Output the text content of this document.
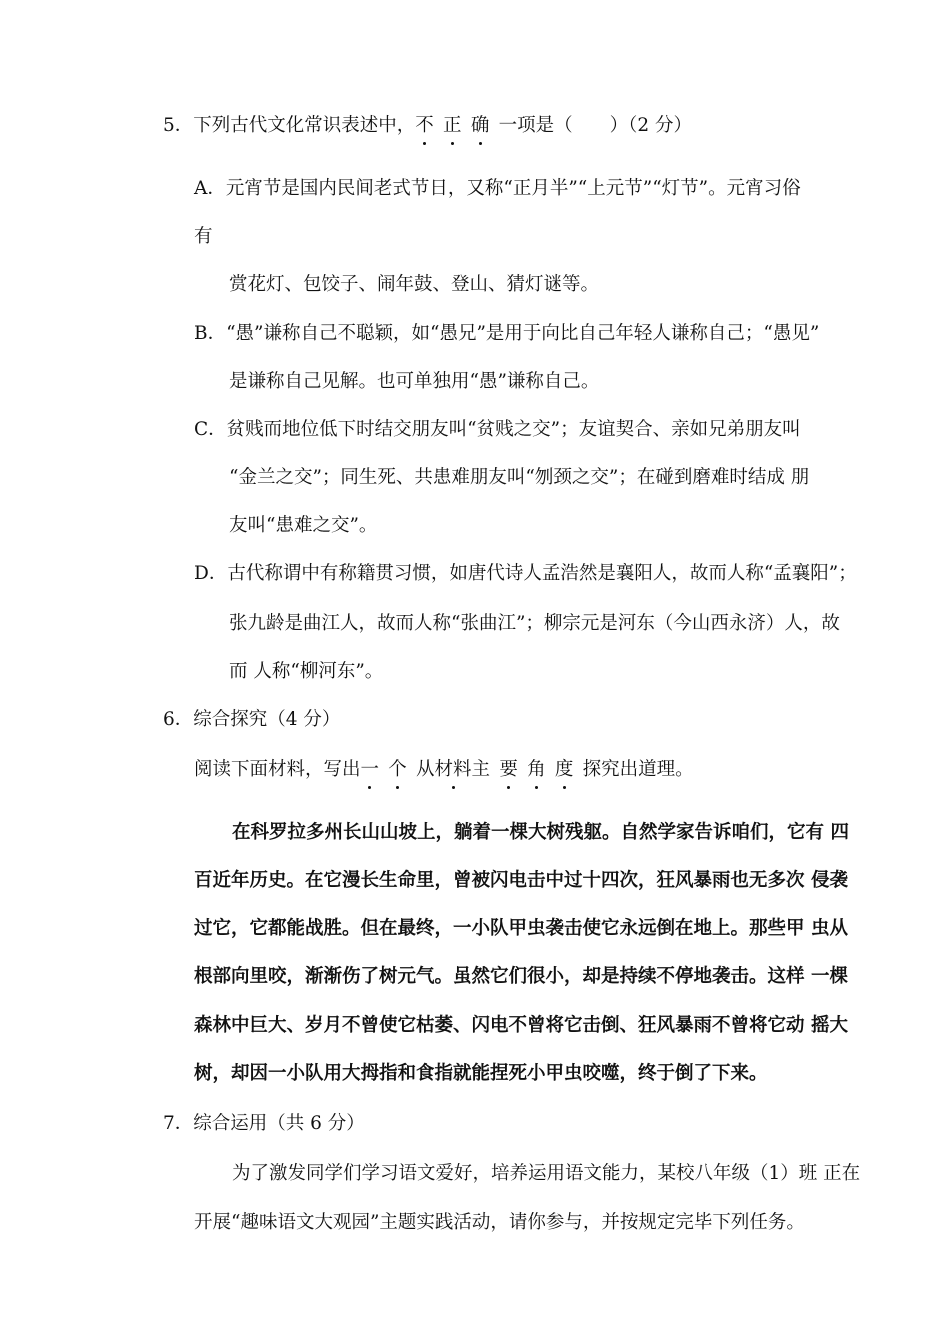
5．下列古代文化常识表述中，不  正  确  一项是（　　）（2 分）
A．元宵节是国内民间老式节日，又称“正月半”“上元节”“灯节”。元宵习俗
有
赏花灯、包饺子、闹年鼓、登山、猜灯谜等。
B．“愚”谦称自己不聪颖，如“愚兄”是用于向比自己年轻人谦称自己；“愚见”
是谦称自己见解。也可单独用“愚”谦称自己。
C．贫贱而地位低下时结交朋友叫“贫贱之交”；友谊契合、亲如兄弟朋友叫
“金兰之交”；同生死、共患难朋友叫“刎颈之交”；在碰到磨难时结成 朋
友叫“患难之交”。
D．古代称谓中有称籍贯习惯，如唐代诗人孟浩然是襄阳人，故而人称“孟襄阳”；
张九龄是曲江人，故而人称“张曲江”；柳宗元是河东（今山西永济）人，故
而 人称“柳河东”。
6．综合探究（4 分）
阅读下面材料，写出一  个  从材料主  要  角  度  探究出道理。
在科罗拉多州长山山坡上，躺着一棵大树残躯。自然学家告诉咱们，它有 四
百近年历史。在它漫长生命里，曾被闪电击中过十四次，狂风暴雨也无多次 侵袭
过它，它都能战胜。但在最终，一小队甲虫袭击使它永远倒在地上。那些甲 虫从
根部向里咬，渐渐伤了树元气。虽然它们很小，却是持续不停地袭击。这样 一棵
森林中巨大、岁月不曾使它枯萎、闪电不曾将它击倒、狂风暴雨不曾将它动 摇大
树，却因一小队用大拇指和食指就能捏死小甲虫咬噬，终于倒了下来。
7．综合运用（共 6 分）
为了激发同学们学习语文爱好，培养运用语文能力，某校八年级（1）班 正在
开展“趣味语文大观园”主题实践活动，请你参与，并按规定完毕下列任务。
